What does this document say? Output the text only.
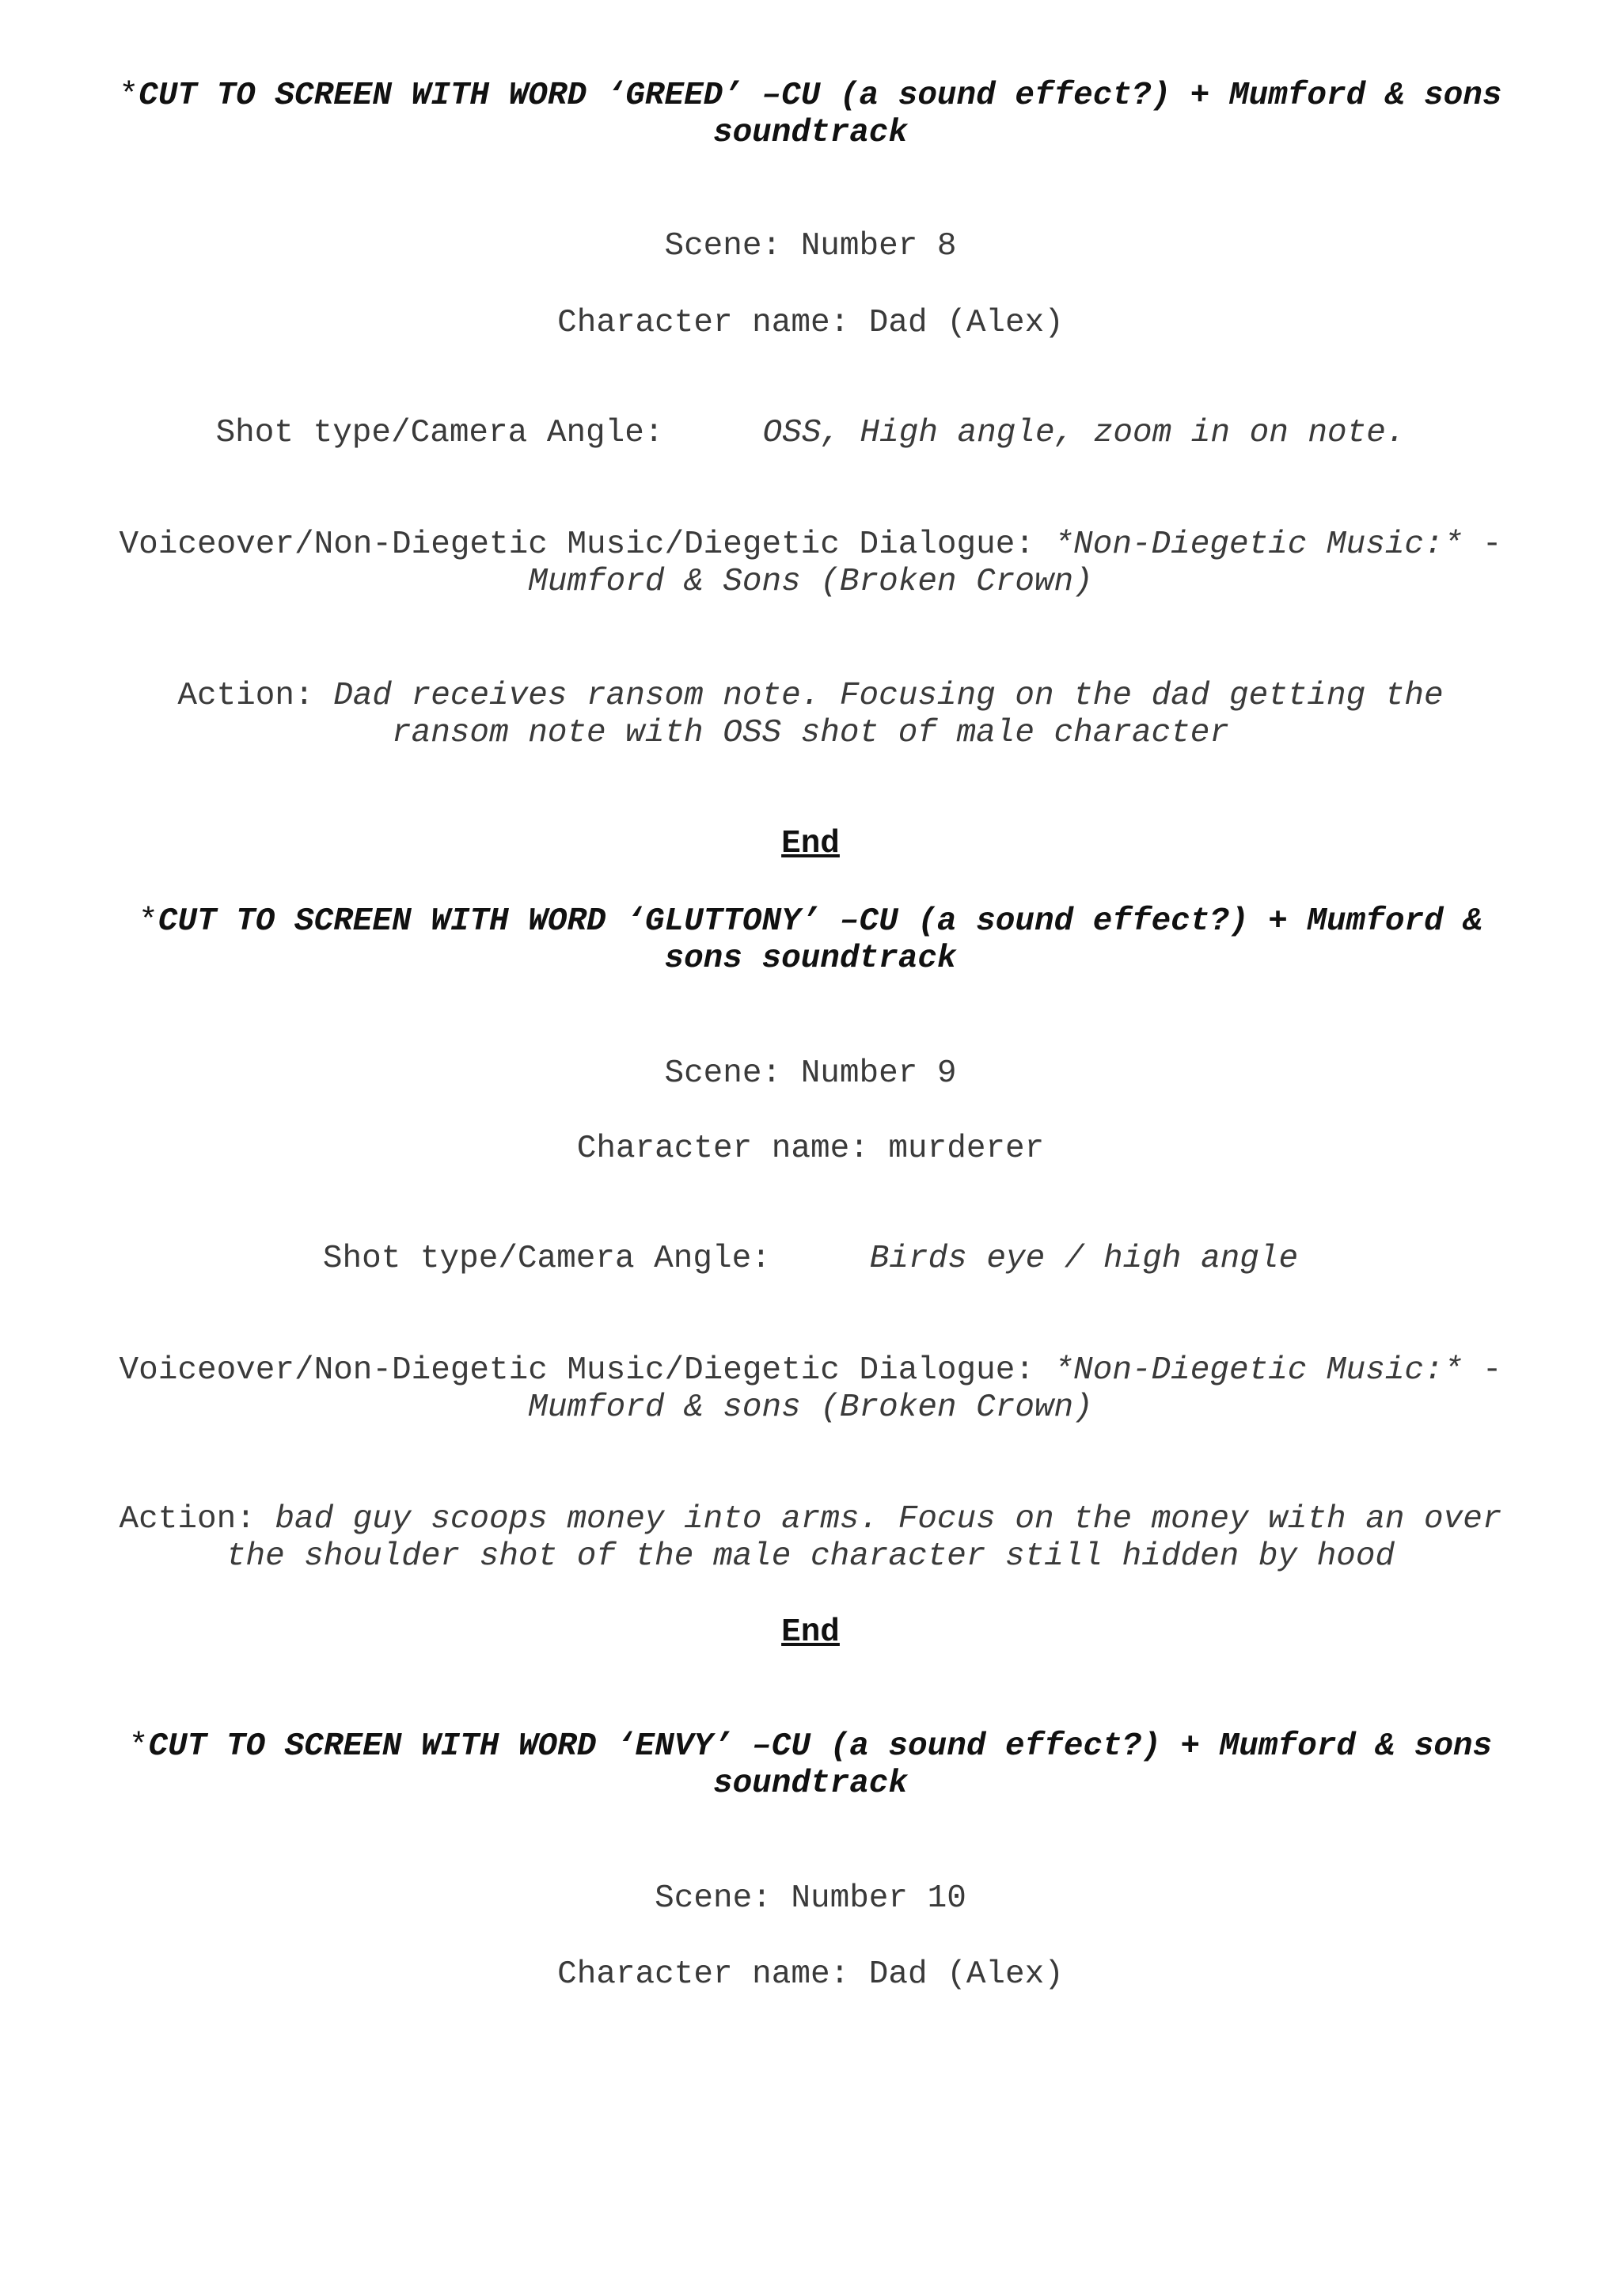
*CUT TO SCREEN WITH WORD ‘GREED’ –CU (a sound effect?) + Mumford & sons
soundtrack
Scene: Number 8
Character name: Dad (Alex)
Shot type/Camera Angle:	OSS, High angle, zoom in on note.
Voiceover/Non-Diegetic Music/Diegetic Dialogue: *Non-Diegetic Music:* -
Mumford & Sons (Broken Crown)
Action: Dad receives ransom note. Focusing on the dad getting the
ransom note with OSS shot of male character
End
*CUT TO SCREEN WITH WORD ‘GLUTTONY’ –CU (a sound effect?) + Mumford &
sons soundtrack
Scene: Number 9
Character name: murderer
Shot type/Camera Angle:	Birds eye / high angle
Voiceover/Non-Diegetic Music/Diegetic Dialogue: *Non-Diegetic Music:* -
Mumford & sons (Broken Crown)
Action: bad guy scoops money into arms. Focus on the money with an over
the shoulder shot of the male character still hidden by hood
End
*CUT TO SCREEN WITH WORD ‘ENVY’ –CU (a sound effect?) + Mumford & sons
soundtrack
Scene: Number 10
Character name: Dad (Alex)
